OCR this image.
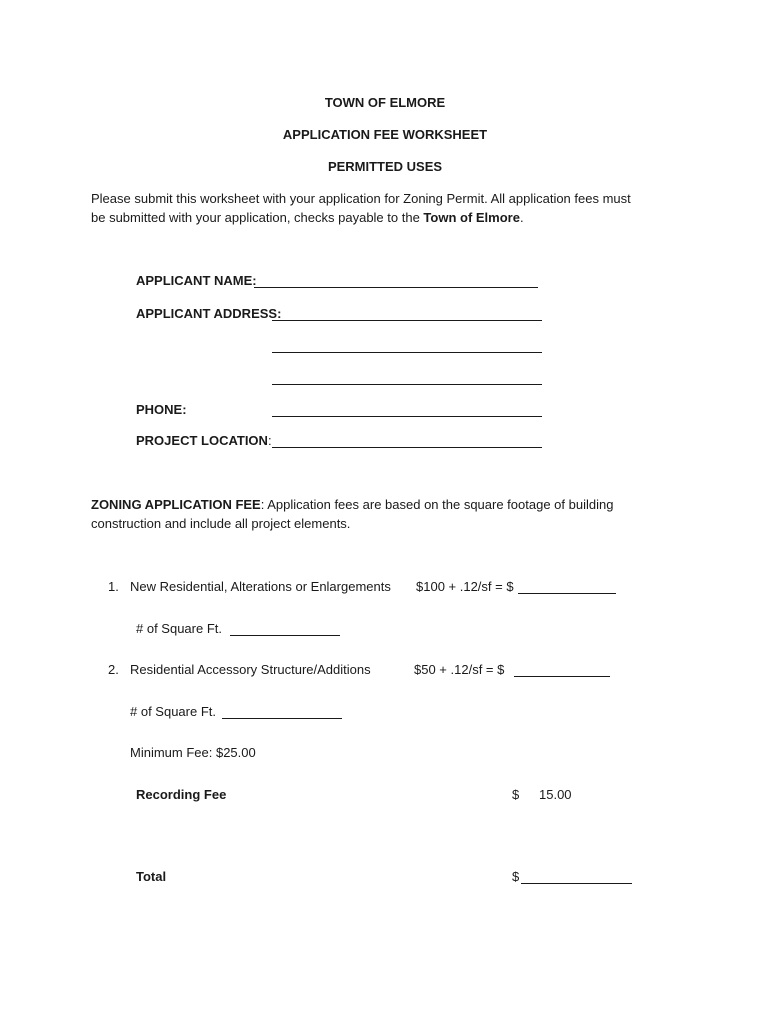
TOWN OF ELMORE
APPLICATION FEE WORKSHEET
PERMITTED USES
Please submit this worksheet with your application for Zoning Permit. All application fees must
be submitted with your application, checks payable to the Town of Elmore.
APPLICANT NAME:
APPLICANT ADDRESS:
PHONE:
PROJECT LOCATION:
ZONING APPLICATION FEE: Application fees are based on the square footage of building
construction and include all project elements.
1. New Residential, Alterations or Enlargements $100 + .12/sf = $
# of Square Ft.
2. Residential Accessory Structure/Additions	$50 + .12/sf = $
# of Square Ft.
Minimum Fee: $25.00
Recording Fee	$ 15.00
Total	$
